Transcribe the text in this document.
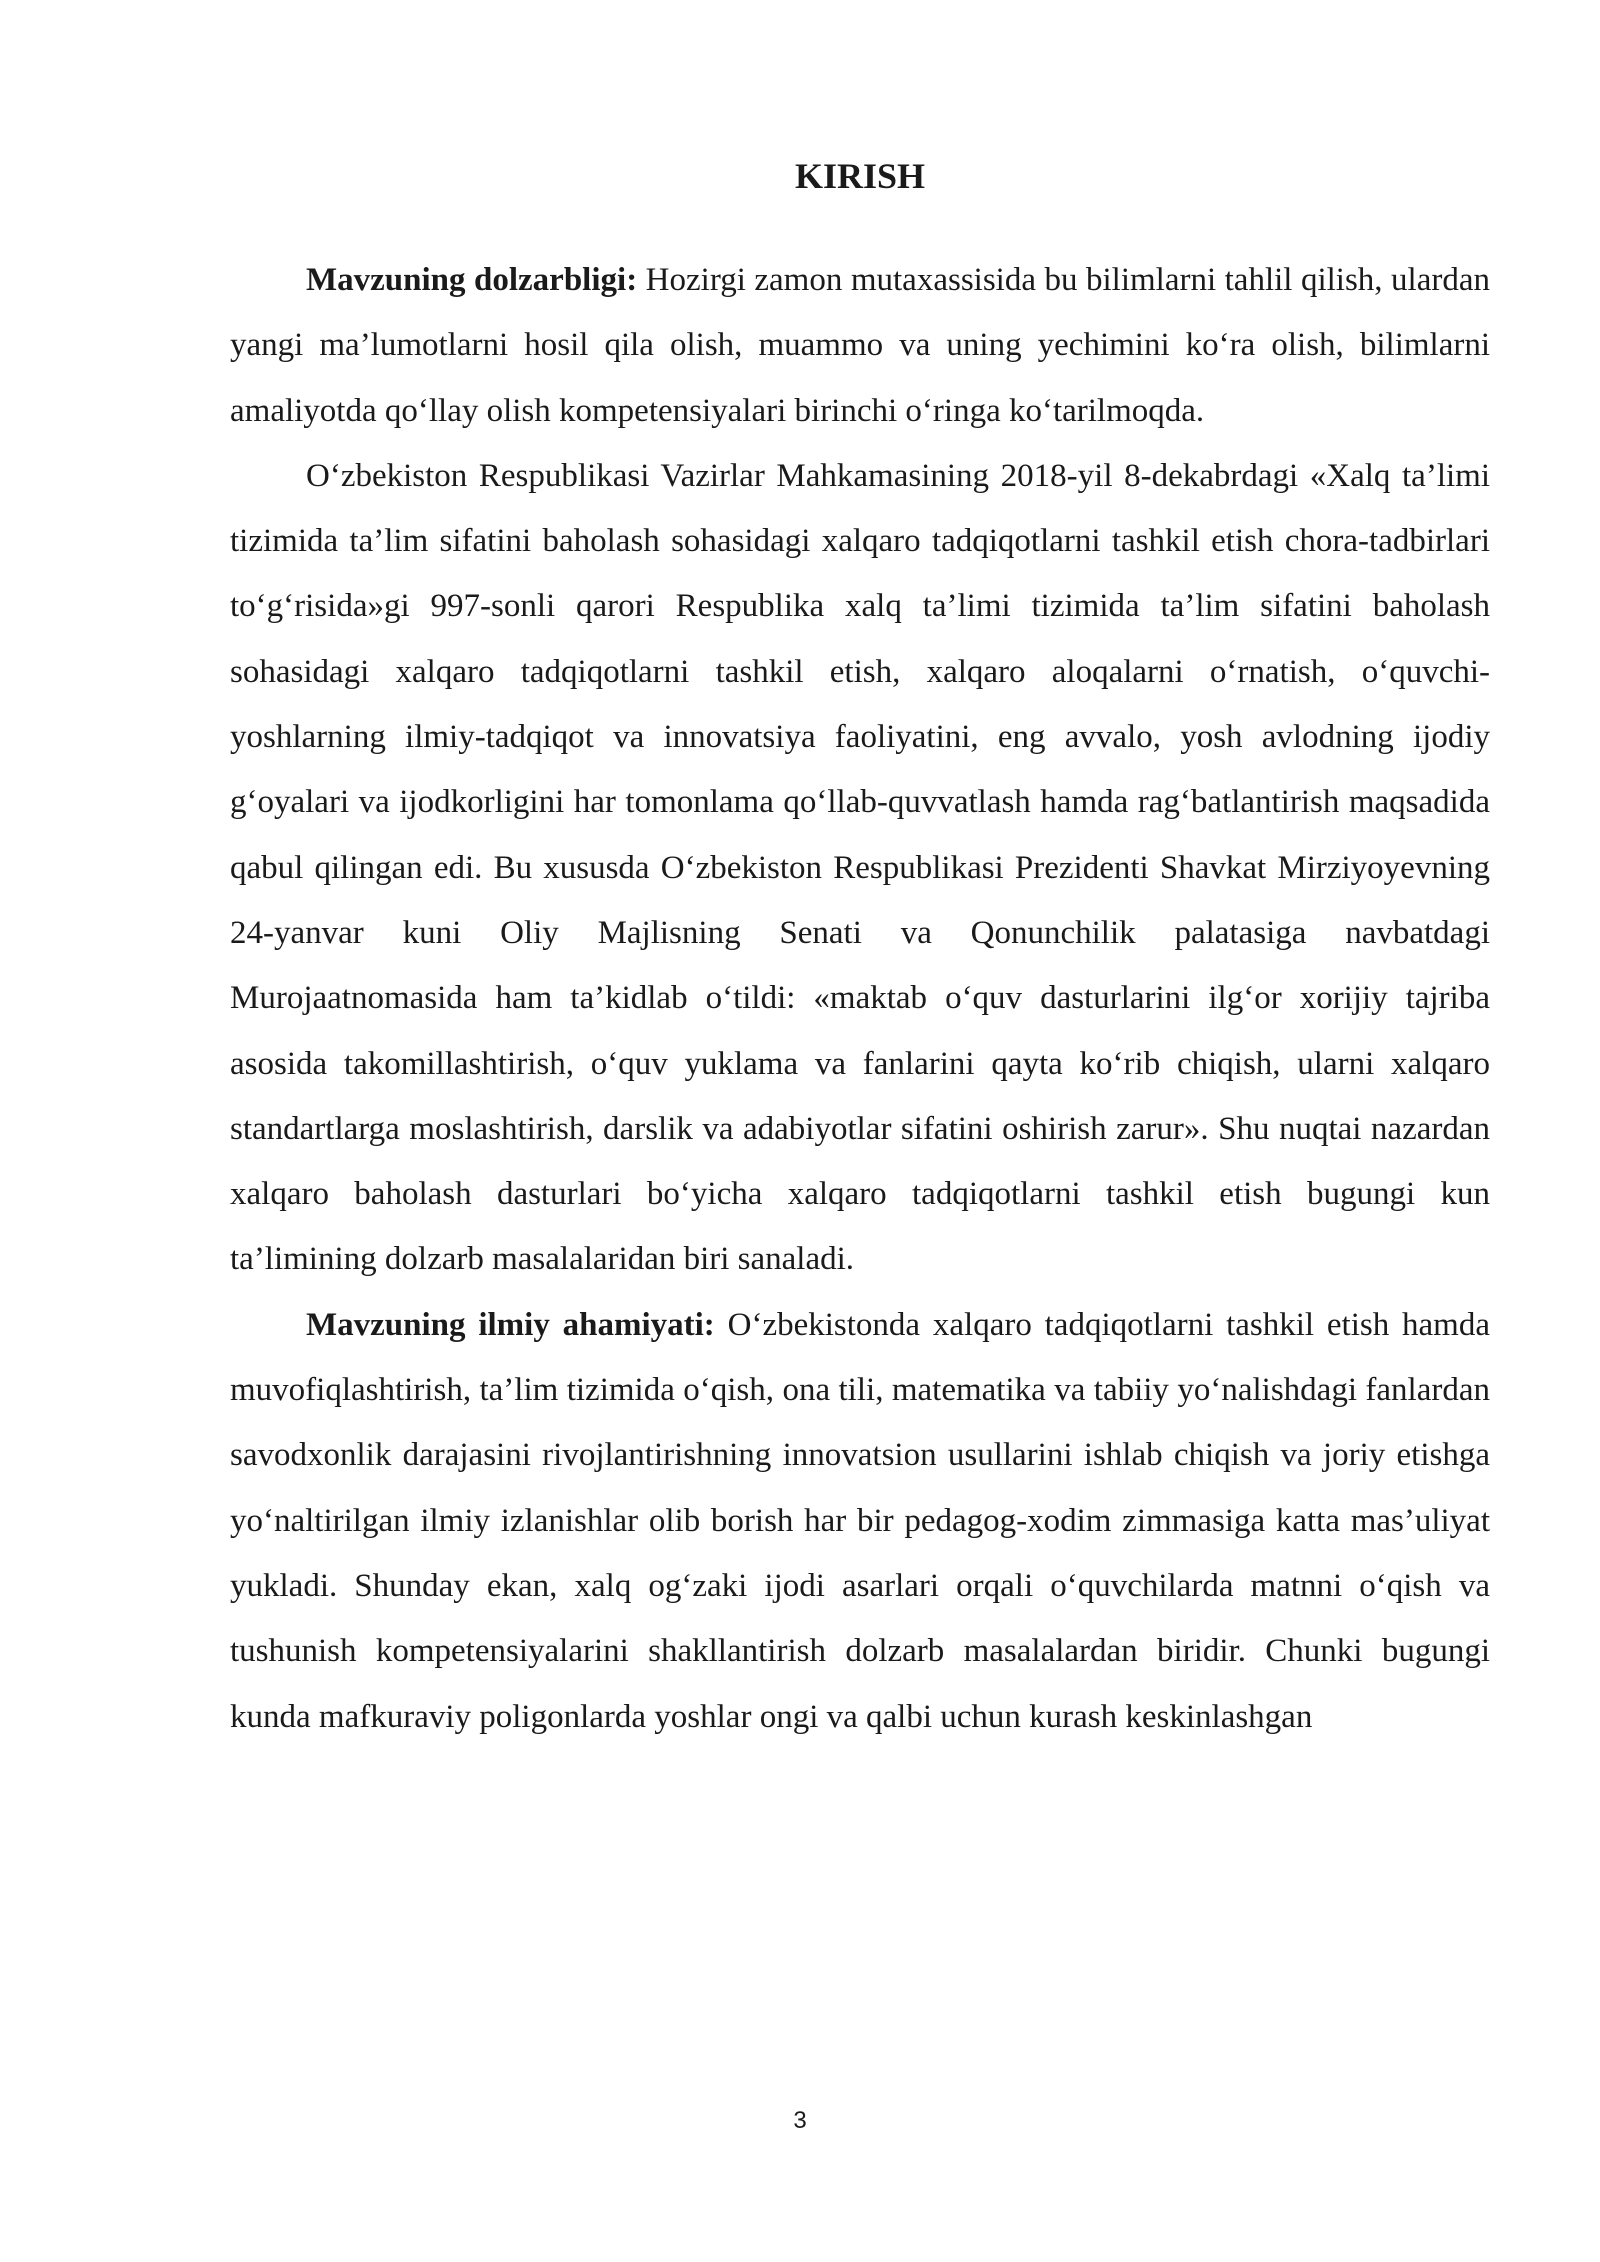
KIRISH

Mavzuning dolzarbligi: Hozirgi zamon mutaxassisida bu bilimlarni tahlil qilish, ulardan yangi ma’lumotlarni hosil qila olish, muammo va uning yechimini ko‘ra olish, bilimlarni amaliyotda qo‘llay olish kompetensiyalari birinchi o‘ringa ko‘tarilmoqda.

O‘zbekiston Respublikasi Vazirlar Mahkamasining 2018-yil 8-dekabrdagi «Xalq ta’limi tizimida ta’lim sifatini baholash sohasidagi xalqaro tadqiqotlarni tashkil etish chora-tadbirlari to‘g‘risida»gi 997-sonli qarori Respublika xalq ta’limi tizimida ta’lim sifatini baholash sohasidagi xalqaro tadqiqotlarni tashkil etish, xalqaro aloqalarni o‘rnatish, o‘quvchi-yoshlarning ilmiy-tadqiqot va innovatsiya faoliyatini, eng avvalo, yosh avlodning ijodiy g‘oyalari va ijodkorligini har tomonlama qo‘llab-quvvatlash hamda rag‘batlantirish maqsadida qabul qilingan edi. Bu xususda O‘zbekiston Respublikasi Prezidenti Shavkat Mirziyoyevning 24-yanvar kuni Oliy Majlisning Senati va Qonunchilik palatasiga navbatdagi Murojaatnomasida ham ta’kidlab o‘tildi: «maktab o‘quv dasturlarini ilg‘or xorijiy tajriba asosida takomillashtirish, o‘quv yuklama va fanlarini qayta ko‘rib chiqish, ularni xalqaro standartlarga moslashtirish, darslik va adabiyotlar sifatini oshirish zarur». Shu nuqtai nazardan xalqaro baholash dasturlari bo‘yicha xalqaro tadqiqotlarni tashkil etish bugungi kun ta’limining dolzarb masalalaridan biri sanaladi.

Mavzuning ilmiy ahamiyati: O‘zbekistonda xalqaro tadqiqotlarni tashkil etish hamda muvofiqlashtirish, ta’lim tizimida o‘qish, ona tili, matematika va tabiiy yo‘nalishdagi fanlardan savodxonlik darajasini rivojlantirishning innovatsion usullarini ishlab chiqish va joriy etishga yo‘naltirilgan ilmiy izlanishlar olib borish har bir pedagog-xodim zimmasiga katta mas’uliyat yukladi. Shunday ekan, xalq og‘zaki ijodi asarlari orqali o‘quvchilarda matnni o‘qish va tushunish kompetensiyalarini shakllantirish dolzarb masalalardan biridir. Chunki bugungi kunda mafkuraviy poligonlarda yoshlar ongi va qalbi uchun kurash keskinlashgan

3
